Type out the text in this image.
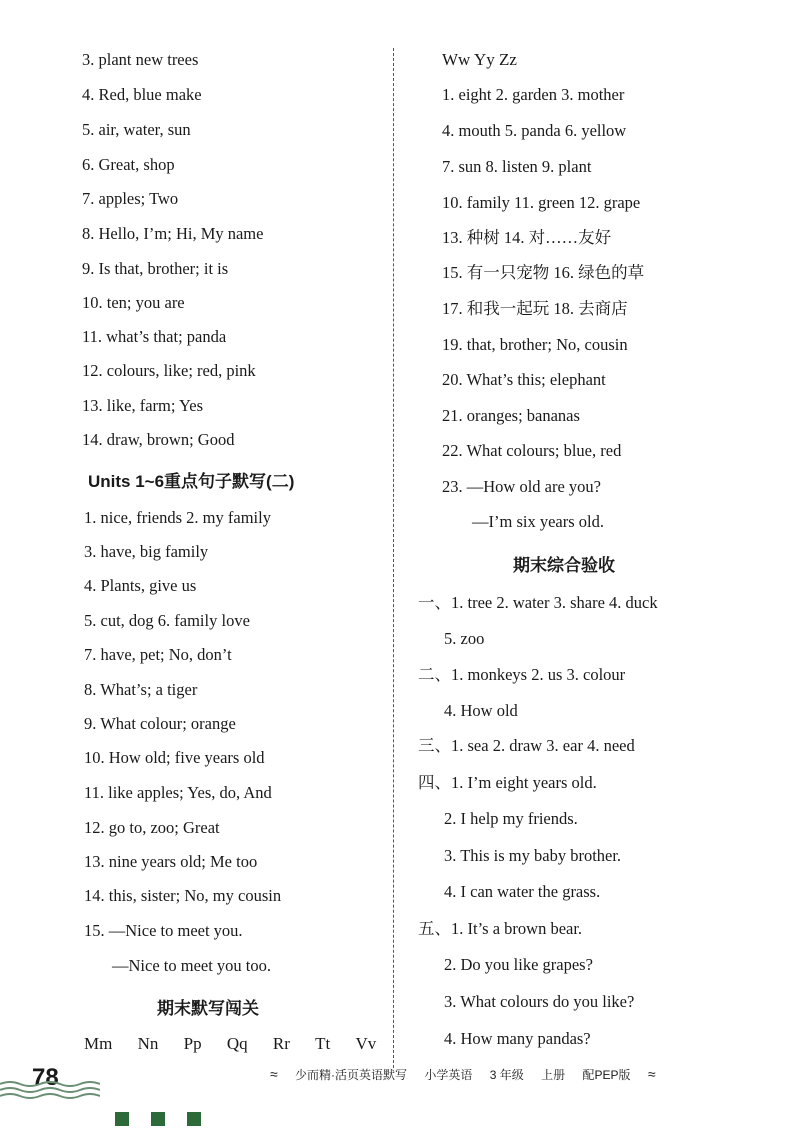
3. plant new trees
4. Red, blue make
5. air, water, sun
6. Great, shop
7. apples; Two
8. Hello, I’m; Hi, My name
9. Is that, brother; it is
10. ten; you are
11. what’s that; panda
12. colours, like; red, pink
13. like, farm; Yes
14. draw, brown; Good
Units 1~6重点句子默写(二)
1. nice, friends 2. my family
3. have, big family
4. Plants, give us
5. cut, dog 6. family love
7. have, pet; No, don’t
8. What’s; a tiger
9. What colour; orange
10. How old; five years old
11. like apples; Yes, do, And
12. go to, zoo; Great
13. nine years old; Me too
14. this, sister; No, my cousin
15. —Nice to meet you.
—Nice to meet you too.
期末默写闯关
Mm Nn Pp Qq Rr Tt Vv
Ww Yy Zz
1. eight 2. garden 3. mother
4. mouth 5. panda 6. yellow
7. sun 8. listen 9. plant
10. family 11. green 12. grape
13. 种树 14. 对……友好
15. 有一只宠物 16. 绿色的草
17. 和我一起玩 18. 去商店
19. that, brother; No, cousin
20. What’s this; elephant
21. oranges; bananas
22. What colours; blue, red
23. —How old are you?
—I’m six years old.
期末综合验收
一、1. tree 2. water 3. share 4. duck
5. zoo
二、1. monkeys 2. us 3. colour
4. How old
三、1. sea 2. draw 3. ear 4. need
四、1. I’m eight years old.
2. I help my friends.
3. This is my baby brother.
4. I can water the grass.
五、1. It’s a brown bear.
2. Do you like grapes?
3. What colours do you like?
4. How many pandas?
78	≈ 少而精·活页英语默写 小学英语 3 年级 上册 配PEP版 ≈
